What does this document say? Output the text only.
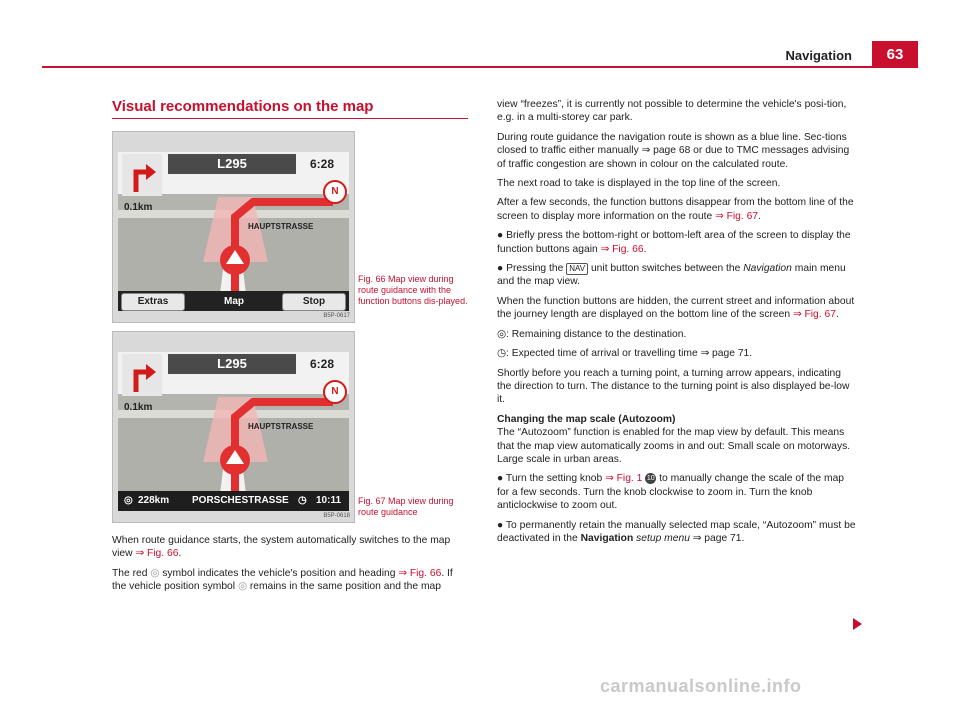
Navigation	63
Visual recommendations on the map
L295	6:28
0.1km
N
HAUPTSTRASSE
Extras	Map	Stop
B5P-0617
Fig. 66 Map view during route guidance with the function buttons dis-played.
L295	6:28
0.1km
N
HAUPTSTRASSE
◎ 228km PORSCHESTRASSE ◷ 10:11
B5P-0618
Fig. 67 Map view during route guidance

When route guidance starts, the system automatically switches to the map view ⇒ Fig. 66.

The red ◎ symbol indicates the vehicle's position and heading ⇒ Fig. 66. If the vehicle position symbol ◎ remains in the same position and the map

view “freezes”, it is currently not possible to determine the vehicle's posi-tion, e.g. in a multi-storey car park.

During route guidance the navigation route is shown as a blue line. Sec-tions closed to traffic either manually ⇒ page 68 or due to TMC messages advising of traffic congestion are shown in colour on the calculated route.

The next road to take is displayed in the top line of the screen.

After a few seconds, the function buttons disappear from the bottom line of the screen to display more information on the route ⇒ Fig. 67.

● Briefly press the bottom-right or bottom-left area of the screen to display the function buttons again ⇒ Fig. 66.

● Pressing the NAV unit button switches between the Navigation main menu and the map view.

When the function buttons are hidden, the current street and information about the journey length are displayed on the bottom line of the screen ⇒ Fig. 67.

◎: Remaining distance to the destination.

◷: Expected time of arrival or travelling time ⇒ page 71.

Shortly before you reach a turning point, a turning arrow appears, indicating the direction to turn. The distance to the turning point is also displayed be-low it.

Changing the map scale (Autozoom)

The “Autozoom” function is enabled for the map view by default. This means that the map view automatically zooms in and out: Small scale on motorways. Large scale in urban areas.

● Turn the setting knob ⇒ Fig. 1 10 to manually change the scale of the map for a few seconds. Turn the knob clockwise to zoom in. Turn the knob anticlockwise to zoom out.

● To permanently retain the manually selected map scale, “Autozoom” must be deactivated in the Navigation setup menu ⇒ page 71.

carmanualsonline.info
